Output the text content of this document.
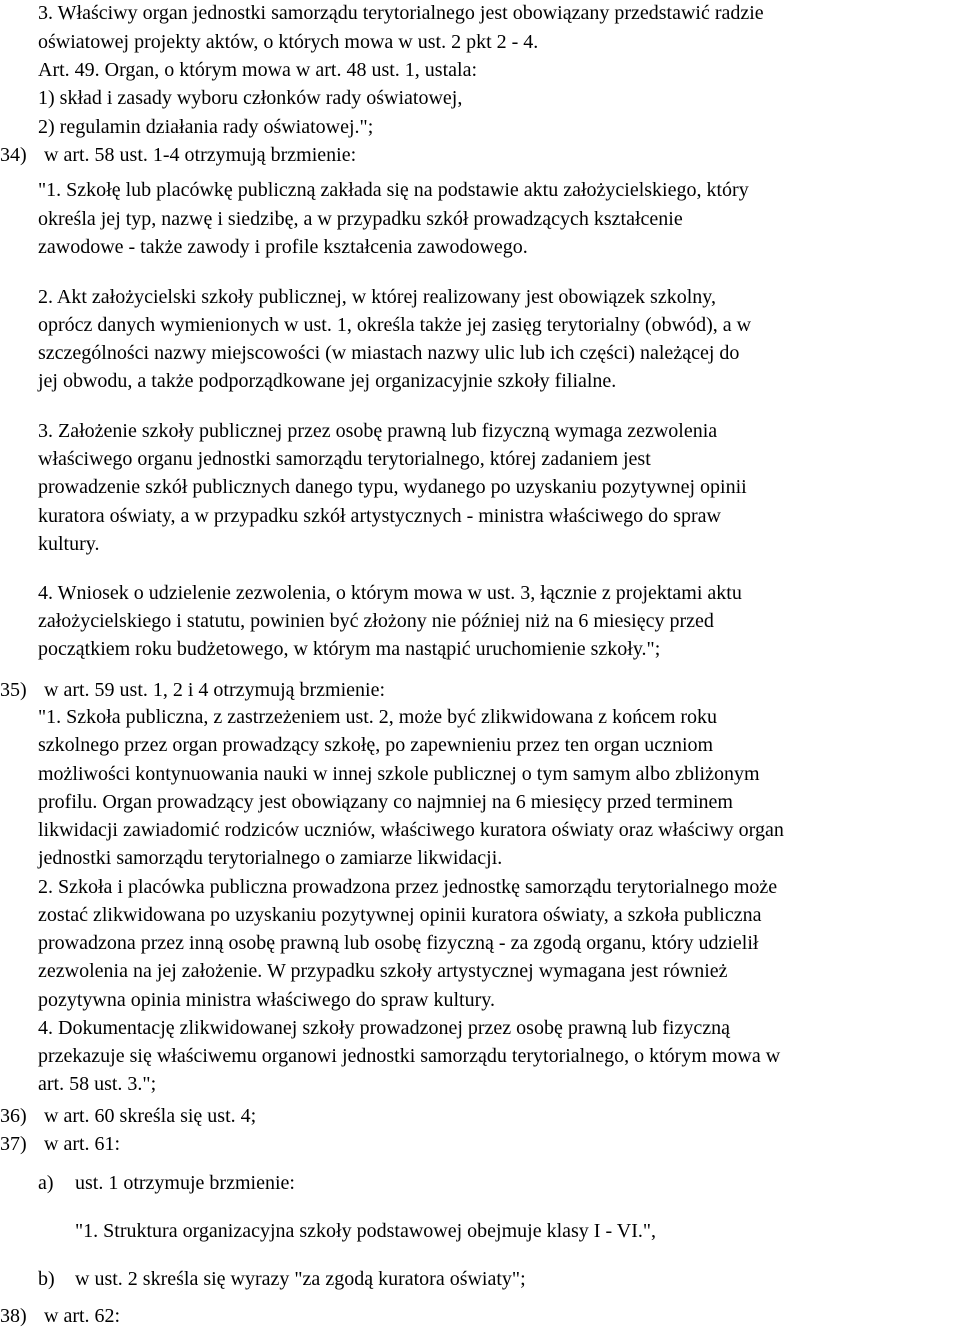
3. Właściwy organ jednostki samorządu terytorialnego jest obowiązany przedstawić radzie
oświatowej projekty aktów, o których mowa w ust. 2 pkt 2 - 4.
Art. 49. Organ, o którym mowa w art. 48 ust. 1, ustala:
1) skład i zasady wyboru członków rady oświatowej,
2) regulamin działania rady oświatowej.";
34) w art. 58 ust. 1-4 otrzymują brzmienie:
"1. Szkołę lub placówkę publiczną zakłada się na podstawie aktu założycielskiego, który
określa jej typ, nazwę i siedzibę, a w przypadku szkół prowadzących kształcenie
zawodowe - także zawody i profile kształcenia zawodowego.
2. Akt założycielski szkoły publicznej, w której realizowany jest obowiązek szkolny,
oprócz danych wymienionych w ust. 1, określa także jej zasięg terytorialny (obwód), a w
szczególności nazwy miejscowości (w miastach nazwy ulic lub ich części) należącej do
jej obwodu, a także podporządkowane jej organizacyjnie szkoły filialne.
3. Założenie szkoły publicznej przez osobę prawną lub fizyczną wymaga zezwolenia
właściwego organu jednostki samorządu terytorialnego, której zadaniem jest
prowadzenie szkół publicznych danego typu, wydanego po uzyskaniu pozytywnej opinii
kuratora oświaty, a w przypadku szkół artystycznych - ministra właściwego do spraw
kultury.
4. Wniosek o udzielenie zezwolenia, o którym mowa w ust. 3, łącznie z projektami aktu
założycielskiego i statutu, powinien być złożony nie później niż na 6 miesięcy przed
początkiem roku budżetowego, w którym ma nastąpić uruchomienie szkoły.";
35) w art. 59 ust. 1, 2 i 4 otrzymują brzmienie:
"1. Szkoła publiczna, z zastrzeżeniem ust. 2, może być zlikwidowana z końcem roku
szkolnego przez organ prowadzący szkołę, po zapewnieniu przez ten organ uczniom
możliwości kontynuowania nauki w innej szkole publicznej o tym samym albo zbliżonym
profilu. Organ prowadzący jest obowiązany co najmniej na 6 miesięcy przed terminem
likwidacji zawiadomić rodziców uczniów, właściwego kuratora oświaty oraz właściwy organ
jednostki samorządu terytorialnego o zamiarze likwidacji.
2. Szkoła i placówka publiczna prowadzona przez jednostkę samorządu terytorialnego może
zostać zlikwidowana po uzyskaniu pozytywnej opinii kuratora oświaty, a szkoła publiczna
prowadzona przez inną osobę prawną lub osobę fizyczną - za zgodą organu, który udzielił
zezwolenia na jej założenie. W przypadku szkoły artystycznej wymagana jest również
pozytywna opinia ministra właściwego do spraw kultury.
4. Dokumentację zlikwidowanej szkoły prowadzonej przez osobę prawną lub fizyczną
przekazuje się właściwemu organowi jednostki samorządu terytorialnego, o którym mowa w
art. 58 ust. 3.";
36) w art. 60 skreśla się ust. 4;
37) w art. 61:
a) ust. 1 otrzymuje brzmienie:
"1. Struktura organizacyjna szkoły podstawowej obejmuje klasy I - VI.",
b) w ust. 2 skreśla się wyrazy "za zgodą kuratora oświaty";
38) w art. 62:
